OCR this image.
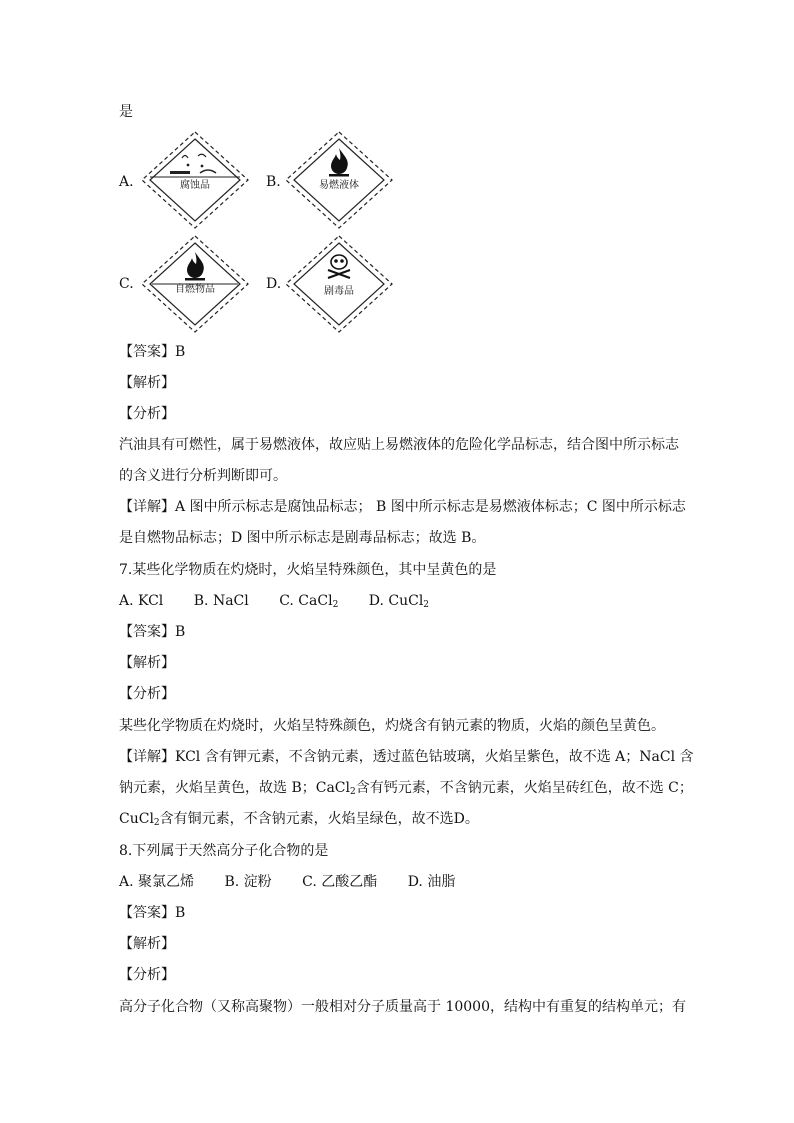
是
A.	腐蚀品	B.	易燃液体
C.	自燃物品	D.	剧毒品
【答案】B
【解析】
【分析】
汽油具有可燃性，属于易燃液体，故应贴上易燃液体的危险化学品标志，结合图中所示标志
的含义进行分析判断即可。
【详解】A 图中所示标志是腐蚀品标志； B 图中所示标志是易燃液体标志；C 图中所示标志
是自燃物品标志；D 图中所示标志是剧毒品标志；故选 B。
7.某些化学物质在灼烧时，火焰呈特殊颜色，其中呈黄色的是
A. KCl B. NaCl C. CaCl$_2$ D. CuCl$_2$
【答案】B
【解析】
【分析】
某些化学物质在灼烧时，火焰呈特殊颜色，灼烧含有钠元素的物质，火焰的颜色呈黄色。
【详解】KCl 含有钾元素，不含钠元素，透过蓝色钴玻璃，火焰呈紫色，故不选 A；NaCl 含
钠元素，火焰呈黄色，故选 B；CaCl$_2$含有钙元素，不含钠元素，火焰呈砖红色，故不选 C；
CuCl$_2$含有铜元素，不含钠元素，火焰呈绿色，故不选D。
8.下列属于天然高分子化合物的是
A. 聚氯乙烯 B. 淀粉 C. 乙酸乙酯 D. 油脂
【答案】B
【解析】
【分析】
高分子化合物（又称高聚物）一般相对分子质量高于 10000，结构中有重复的结构单元；有
